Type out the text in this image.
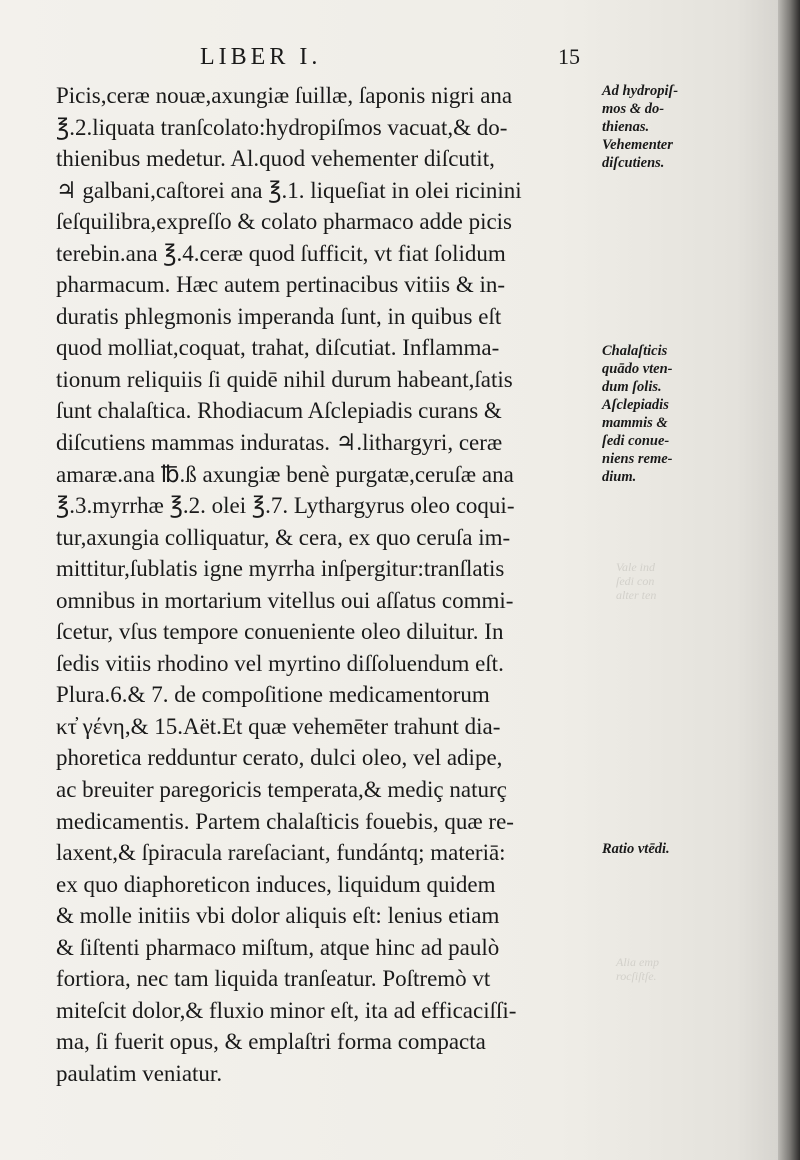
LIBER I.	15
Picis,ceræ nouæ,axungiæ ſuillæ, ſaponis nigri ana
℥.2.liquata tranſcolato:hydropiſmos vacuat,& do-
thienibus medetur. Al.quod vehementer diſcutit,
♃ galbani,caſtorei ana ℥.1. liqueſiat in olei ricinini
ſeſquilibra,expreſſo & colato pharmaco adde picis
terebin.ana ℥.4.ceræ quod ſufficit, vt fiat ſolidum
pharmacum. Hæc autem pertinacibus vitiis & in-
duratis phlegmonis imperanda ſunt, in quibus eſt
quod molliat,coquat, trahat, diſcutiat. Inflamma-
tionum reliquiis ſi quidē nihil durum habeant,ſatis
ſunt chalaſtica. Rhodiacum Aſclepiadis curans &
diſcutiens mammas induratas. ♃.lithargyri, ceræ
amaræ.ana ℔.ß axungiæ benè purgatæ,ceruſæ ana
℥.3.myrrhæ ℥.2. olei ℥.7. Lythargyrus oleo coqui-
tur,axungia colliquatur, & cera, ex quo ceruſa im-
mittitur,ſublatis igne myrrha inſpergitur:tranſlatis
omnibus in mortarium vitellus oui aſſatus commi-
ſcetur, vſus tempore conueniente oleo diluitur. In
ſedis vitiis rhodino vel myrtino diſſoluendum eſt.
Plura.6.& 7. de compoſitione medicamentorum
κτ̓ γένη,& 15.Aët.Et quæ vehemēter trahunt dia-
phoretica redduntur cerato, dulci oleo, vel adipe,
ac breuiter paregoricis temperata,& mediç naturç
medicamentis. Partem chalaſticis fouebis, quæ re-
laxent,& ſpiracula rareſaciant, fundántq; materiā:
ex quo diaphoreticon induces, liquidum quidem
& molle initiis vbi dolor aliquis eſt: lenius etiam
& ſiſtenti pharmaco miſtum, atque hinc ad paulò
fortiora, nec tam liquida tranſeatur. Poſtremò vt
miteſcit dolor,& fluxio minor eſt, ita ad efficaciſſi-
ma, ſi fuerit opus, & emplaſtri forma compacta
paulatim veniatur.
Ad hydropiſ-
mos & do-
thienas.
Vehementer
diſcutiens.
Chalaſticis
quādo vten-
dum ſolis.
Aſclepiadis
mammis &
ſedi conue-
niens reme-
dium.
Ratio vtēdi.
Vale ind
ſedi con
alter ten
Alia emp
rocſiſtſe.
